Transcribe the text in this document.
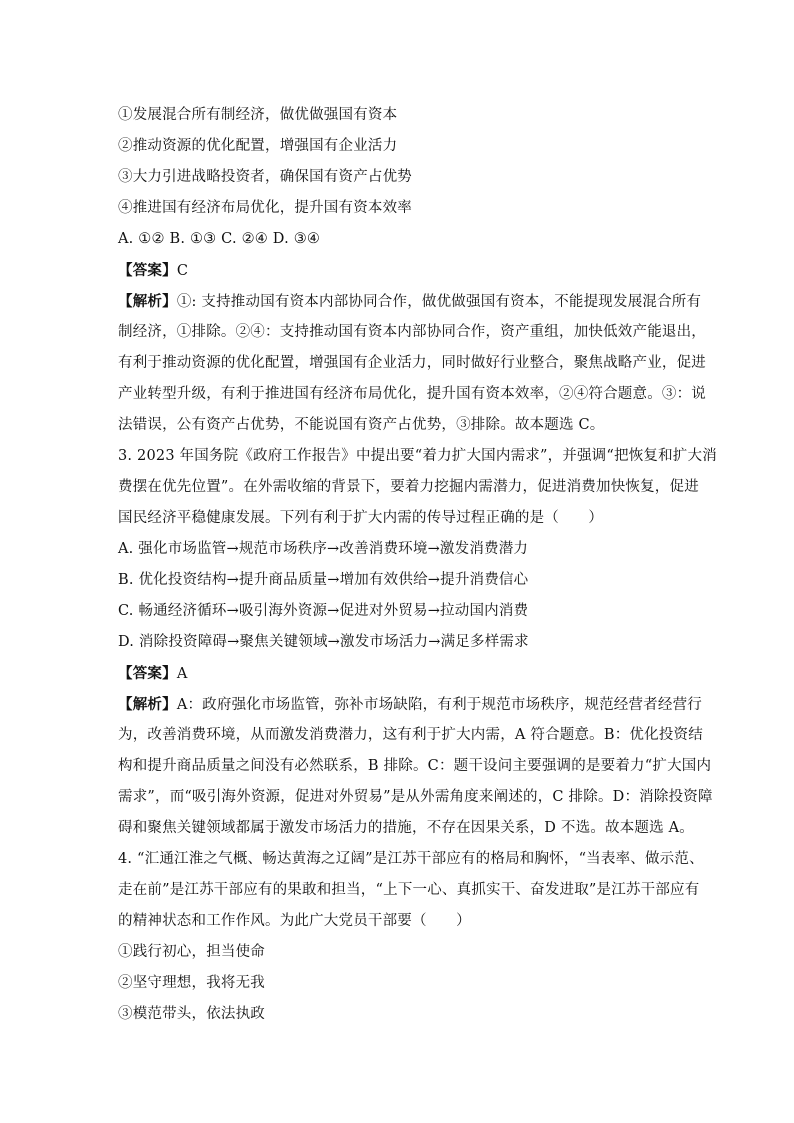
①发展混合所有制经济，做优做强国有资本
②推动资源的优化配置，增强国有企业活力
③大力引进战略投资者，确保国有资产占优势
④推进国有经济布局优化，提升国有资本效率
A. ①② B. ①③ C. ②④ D. ③④
【答案】C
【解析】①: 支持推动国有资本内部协同合作，做优做强国有资本，不能提现发展混合所有
制经济，①排除。②④：支持推动国有资本内部协同合作，资产重组，加快低效产能退出，
有利于推动资源的优化配置，增强国有企业活力，同时做好行业整合，聚焦战略产业，促进
产业转型升级，有利于推进国有经济布局优化，提升国有资本效率，②④符合题意。③：说
法错误，公有资产占优势，不能说国有资产占优势，③排除。故本题选 C。
3. 2023 年国务院《政府工作报告》中提出要“着力扩大国内需求”，并强调“把恢复和扩大消
费摆在优先位置”。在外需收缩的背景下，要着力挖掘内需潜力，促进消费加快恢复，促进
国民经济平稳健康发展。下列有利于扩大内需的传导过程正确的是（　　）
A. 强化市场监管→规范市场秩序→改善消费环境→激发消费潜力
B. 优化投资结构→提升商品质量→增加有效供给→提升消费信心
C. 畅通经济循环→吸引海外资源→促进对外贸易→拉动国内消费
D. 消除投资障碍→聚焦关键领域→激发市场活力→满足多样需求
【答案】A
【解析】A：政府强化市场监管，弥补市场缺陷，有利于规范市场秩序，规范经营者经营行
为，改善消费环境，从而激发消费潜力，这有利于扩大内需，A 符合题意。B：优化投资结
构和提升商品质量之间没有必然联系，B 排除。C：题干设问主要强调的是要着力“扩大国内
需求”，而“吸引海外资源，促进对外贸易”是从外需角度来阐述的，C 排除。D：消除投资障
碍和聚焦关键领域都属于激发市场活力的措施，不存在因果关系，D 不选。故本题选 A。
4. “汇通江淮之气概、畅达黄海之辽阔”是江苏干部应有的格局和胸怀，“当表率、做示范、
走在前”是江苏干部应有的果敢和担当，“上下一心、真抓实干、奋发进取”是江苏干部应有
的精神状态和工作作风。为此广大党员干部要（　　）
①践行初心，担当使命
②坚守理想，我将无我
③模范带头，依法执政
